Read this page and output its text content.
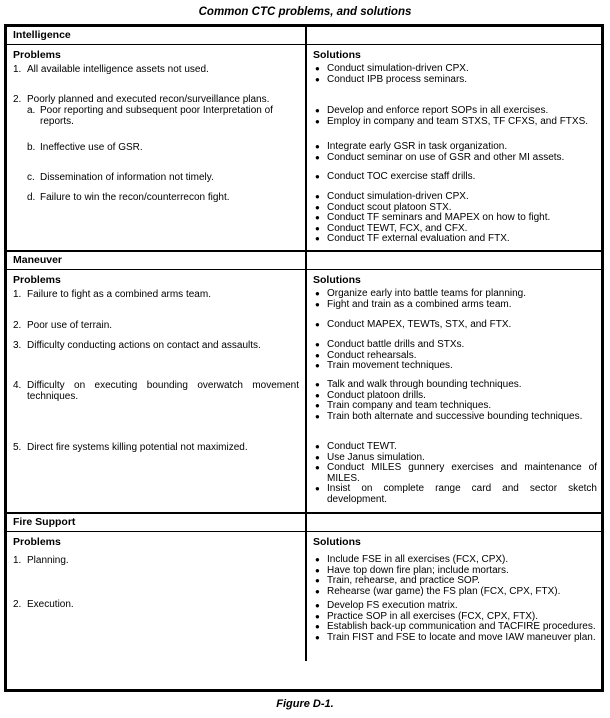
Common CTC problems, and solutions
Intelligence
Problems	Solutions
1. All available intelligence assets not used.	● Conduct simulation-driven CPX.
● Conduct IPB process seminars.
2. Poorly planned and executed recon/surveillance plans.
a. Poor reporting and subsequent poor Interpretation of reports.
● Develop and enforce report SOPs in all exercises.
● Employ in company and team STXS, TF CFXS, and FTXS.
b. Ineffective use of GSR.	● Integrate early GSR in task organization.
● Conduct seminar on use of GSR and other MI assets.
c. Dissemination of information not timely.	● Conduct TOC exercise staff drills.
d. Failure to win the recon/counterrecon fight.	● Conduct simulation-driven CPX.
● Conduct scout platoon STX.
● Conduct TF seminars and MAPEX on how to fight.
● Conduct TEWT, FCX, and CFX.
● Conduct TF external evaluation and FTX.
Maneuver
Problems	Solutions
1. Failure to fight as a combined arms team.	● Organize early into battle teams for planning.
● Fight and train as a combined arms team.
2. Poor use of terrain.	● Conduct MAPEX, TEWTs, STX, and FTX.
3. Difficulty conducting actions on contact and assaults.	● Conduct battle drills and STXs.
● Conduct rehearsals.
● Train movement techniques.
4. Difficulty on executing bounding overwatch movement techniques.
● Talk and walk through bounding techniques.
● Conduct platoon drills.
● Train company and team techniques.
● Train both alternate and successive bounding techniques.
5. Direct fire systems killing potential not maximized.	● Conduct TEWT.
● Use Janus simulation.
● Conduct MILES gunnery exercises and maintenance of MILES.
● Insist on complete range card and sector sketch development.
Fire Support
Problems	Solutions
1. Planning.	● Include FSE in all exercises (FCX, CPX).
● Have top down fire plan; include mortars.
● Train, rehearse, and practice SOP.
● Rehearse (war game) the FS plan (FCX, CPX, FTX).
2. Execution.	● Develop FS execution matrix.
● Practice SOP in all exercises (FCX, CPX, FTX).
● Establish back-up communication and TACFIRE procedures.
● Train FIST and FSE to locate and move IAW maneuver plan.
Figure D-1.
